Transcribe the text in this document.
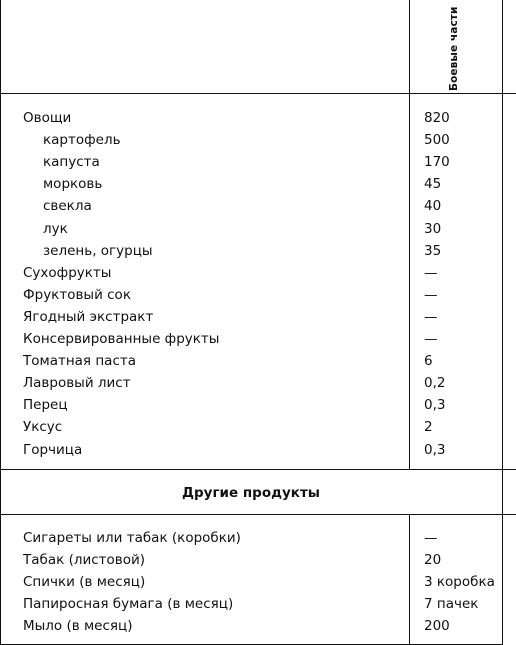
Боевые части
Овощи	820
картофель	500
капуста	170
морковь	45
свекла	40
лук	30
зелень, огурцы	35
Сухофрукты	—
Фруктовый сок	—
Ягодный экстракт	—
Консервированные фрукты	—
Томатная паста	6
Лавровый лист	0,2
Перец	0,3
Уксус	2
Горчица	0,3
Другие продукты
Сигареты или табак (коробки)	—
Табак (листовой)	20
Спички (в месяц)	3 коробка
Папиросная бумага (в месяц)	7 пачек
Мыло (в месяц)	200
